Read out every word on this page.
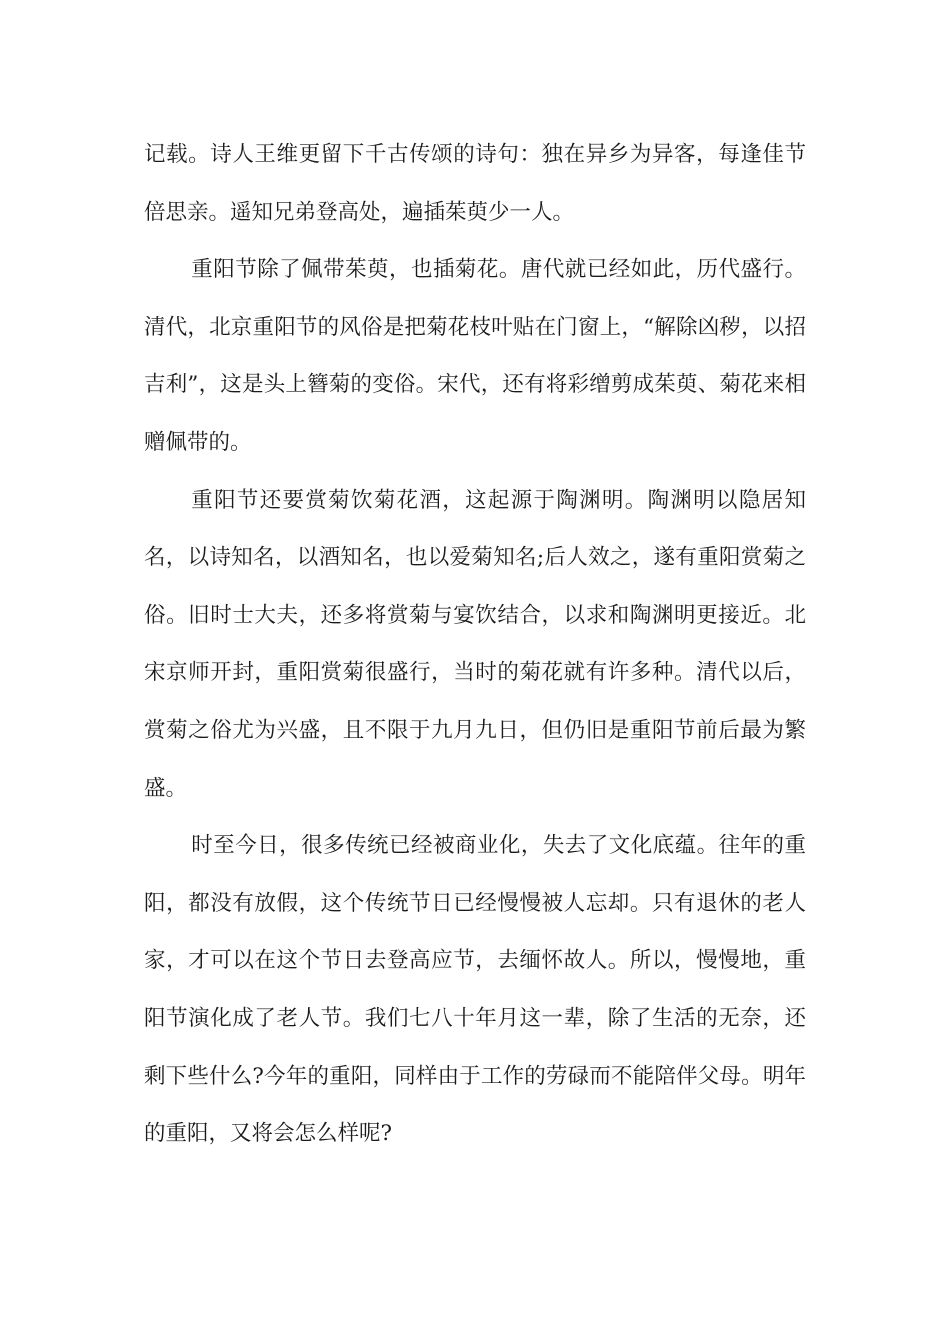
记载。诗人王维更留下千古传颂的诗句：独在异乡为异客，每逢佳节倍思亲。遥知兄弟登高处，遍插茱萸少一人。

重阳节除了佩带茱萸，也插菊花。唐代就已经如此，历代盛行。清代，北京重阳节的风俗是把菊花枝叶贴在门窗上，“解除凶秽，以招吉利”，这是头上簪菊的变俗。宋代，还有将彩缯剪成茱萸、菊花来相赠佩带的。

重阳节还要赏菊饮菊花酒，这起源于陶渊明。陶渊明以隐居知名，以诗知名，以酒知名，也以爱菊知名;后人效之，遂有重阳赏菊之俗。旧时士大夫，还多将赏菊与宴饮结合，以求和陶渊明更接近。北宋京师开封，重阳赏菊很盛行，当时的菊花就有许多种。清代以后，赏菊之俗尤为兴盛，且不限于九月九日，但仍旧是重阳节前后最为繁盛。

时至今日，很多传统已经被商业化，失去了文化底蕴。往年的重阳，都没有放假，这个传统节日已经慢慢被人忘却。只有退休的老人家，才可以在这个节日去登高应节，去缅怀故人。所以，慢慢地，重阳节演化成了老人节。我们七八十年月这一辈，除了生活的无奈，还剩下些什么?今年的重阳，同样由于工作的劳碌而不能陪伴父母。明年的重阳，又将会怎么样呢?
